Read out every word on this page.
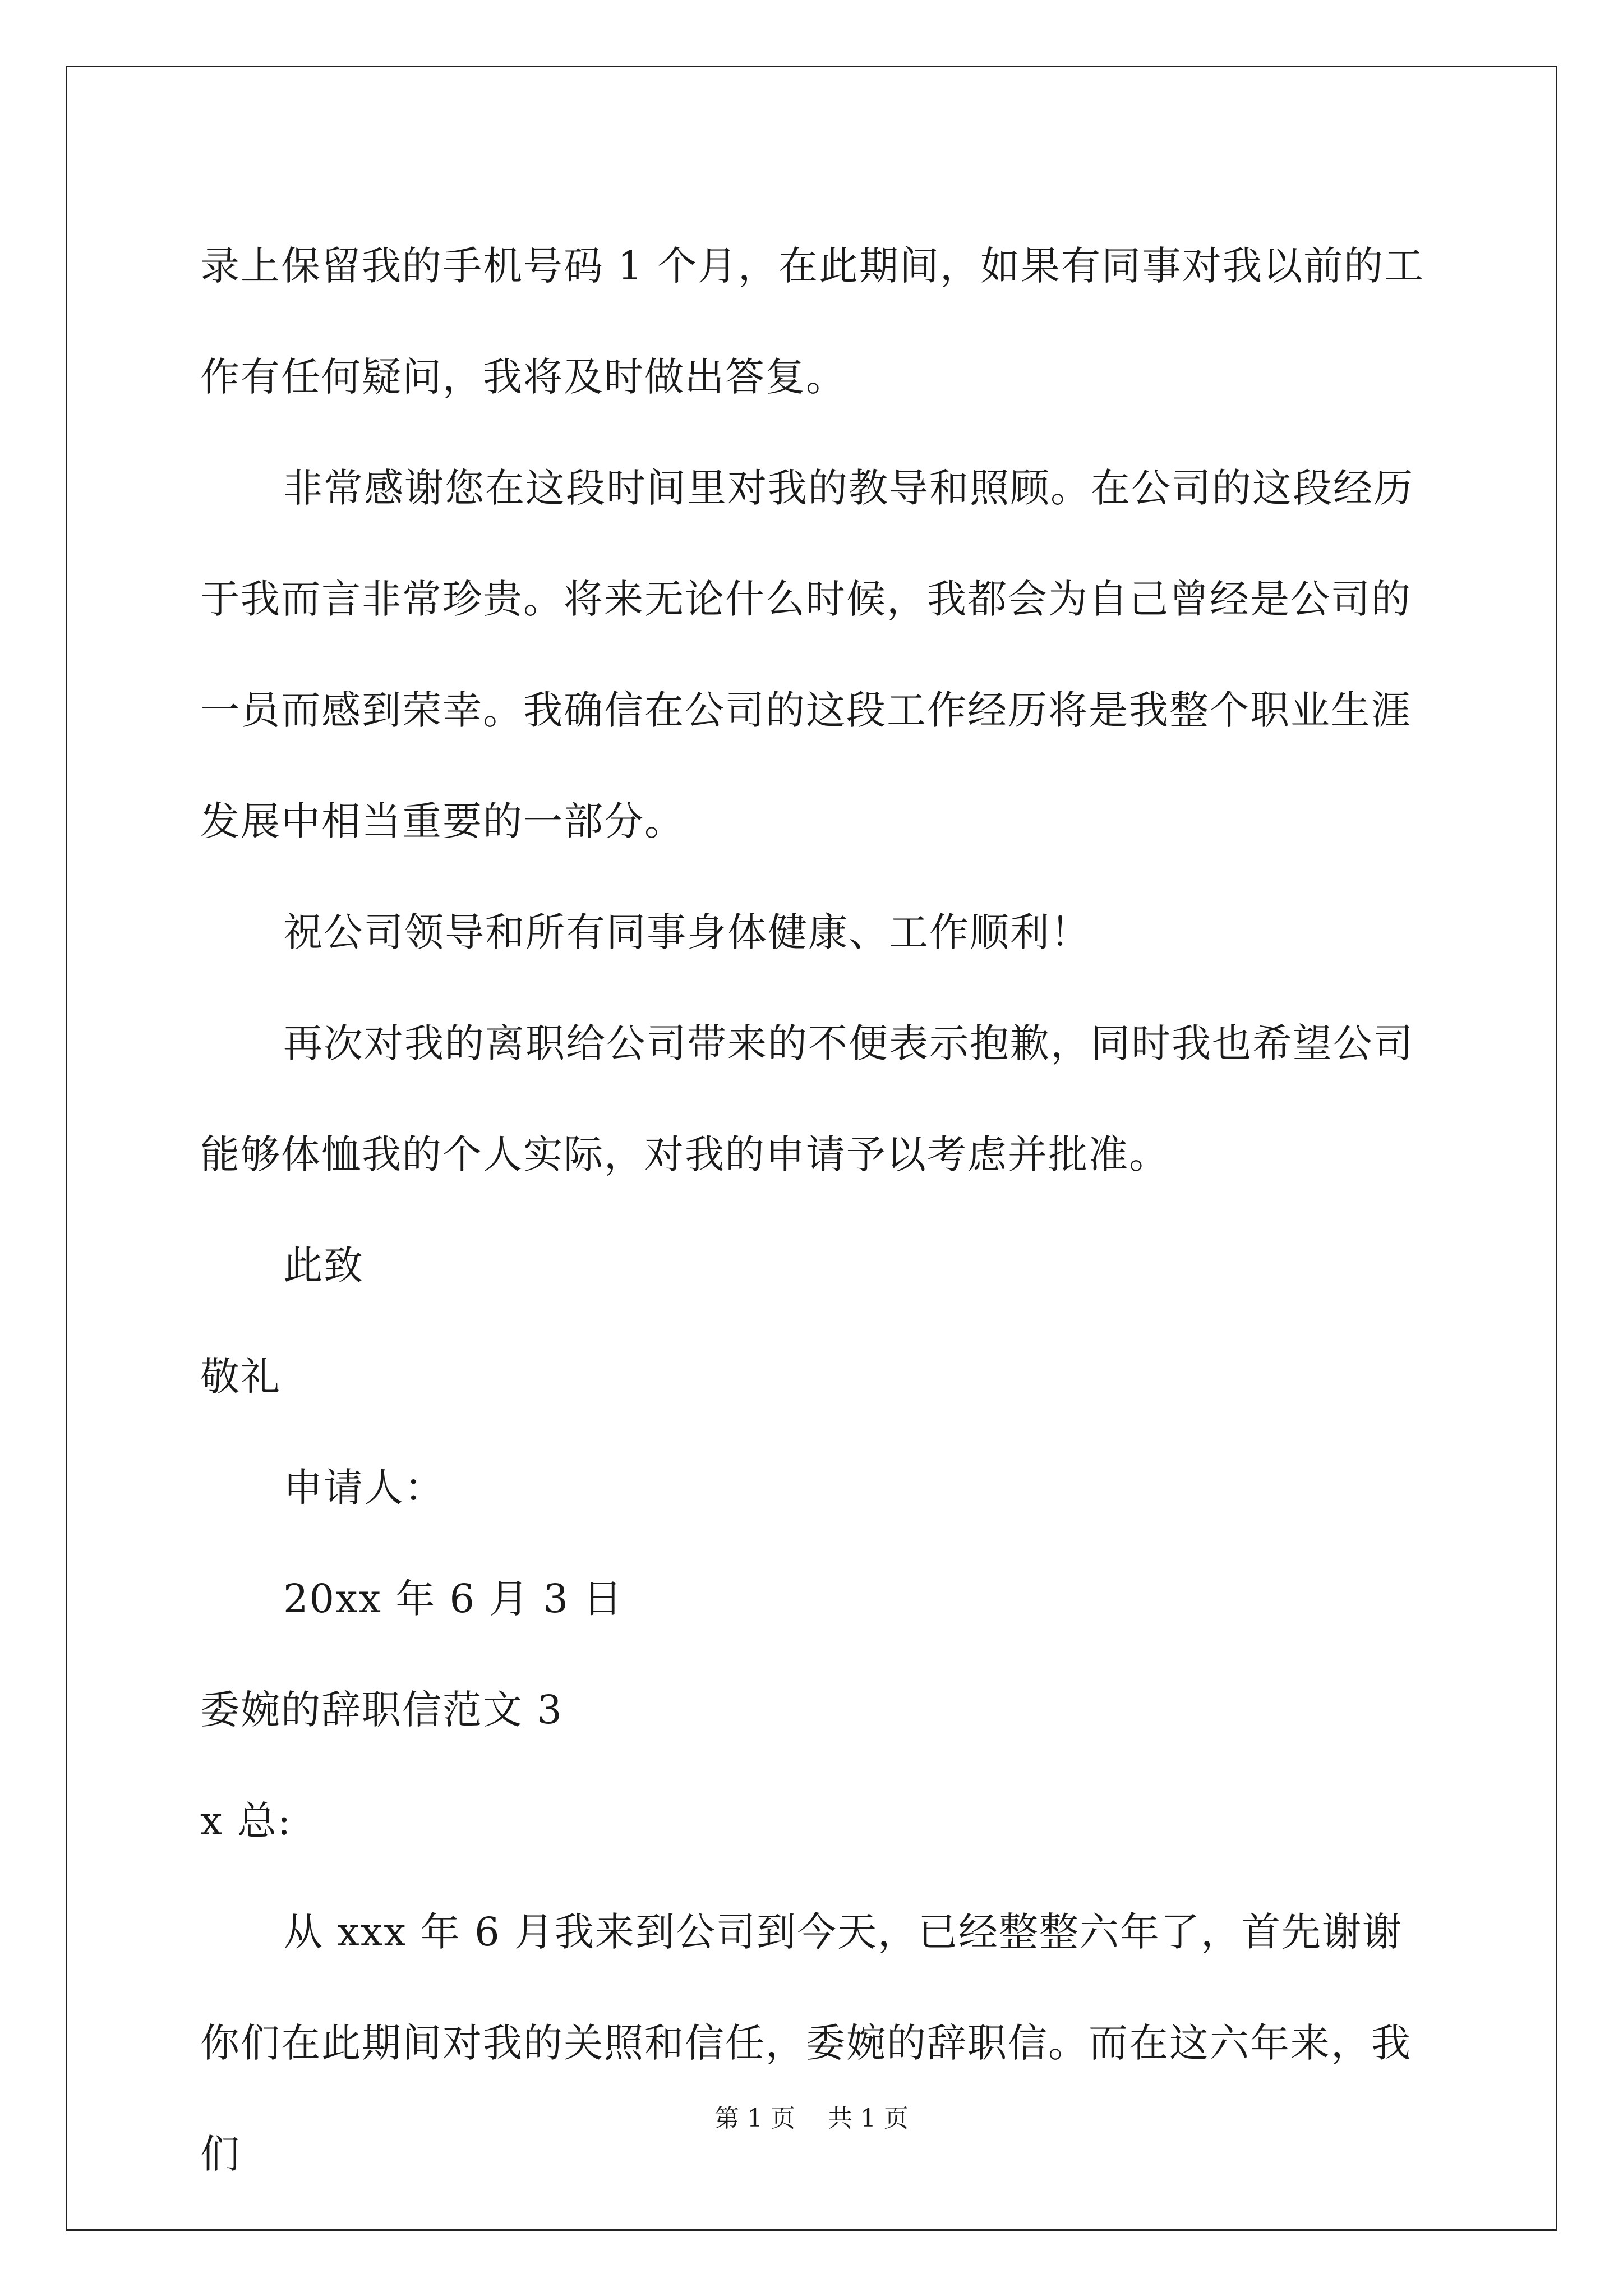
录上保留我的手机号码 1 个月，在此期间，如果有同事对我以前的工作有任何疑问，我将及时做出答复。

非常感谢您在这段时间里对我的教导和照顾。在公司的这段经历于我而言非常珍贵。将来无论什么时候，我都会为自己曾经是公司的一员而感到荣幸。我确信在公司的这段工作经历将是我整个职业生涯发展中相当重要的一部分。

祝公司领导和所有同事身体健康、工作顺利！

再次对我的离职给公司带来的不便表示抱歉，同时我也希望公司能够体恤我的个人实际，对我的申请予以考虑并批准。

此致

敬礼

申请人：

20xx 年 6 月 3 日

委婉的辞职信范文 3

x 总:

从 xxx 年 6 月我来到公司到今天，已经整整六年了，首先谢谢你们在此期间对我的关照和信任，委婉的辞职信。而在这六年来，我们

第 1 页 共 1 页
